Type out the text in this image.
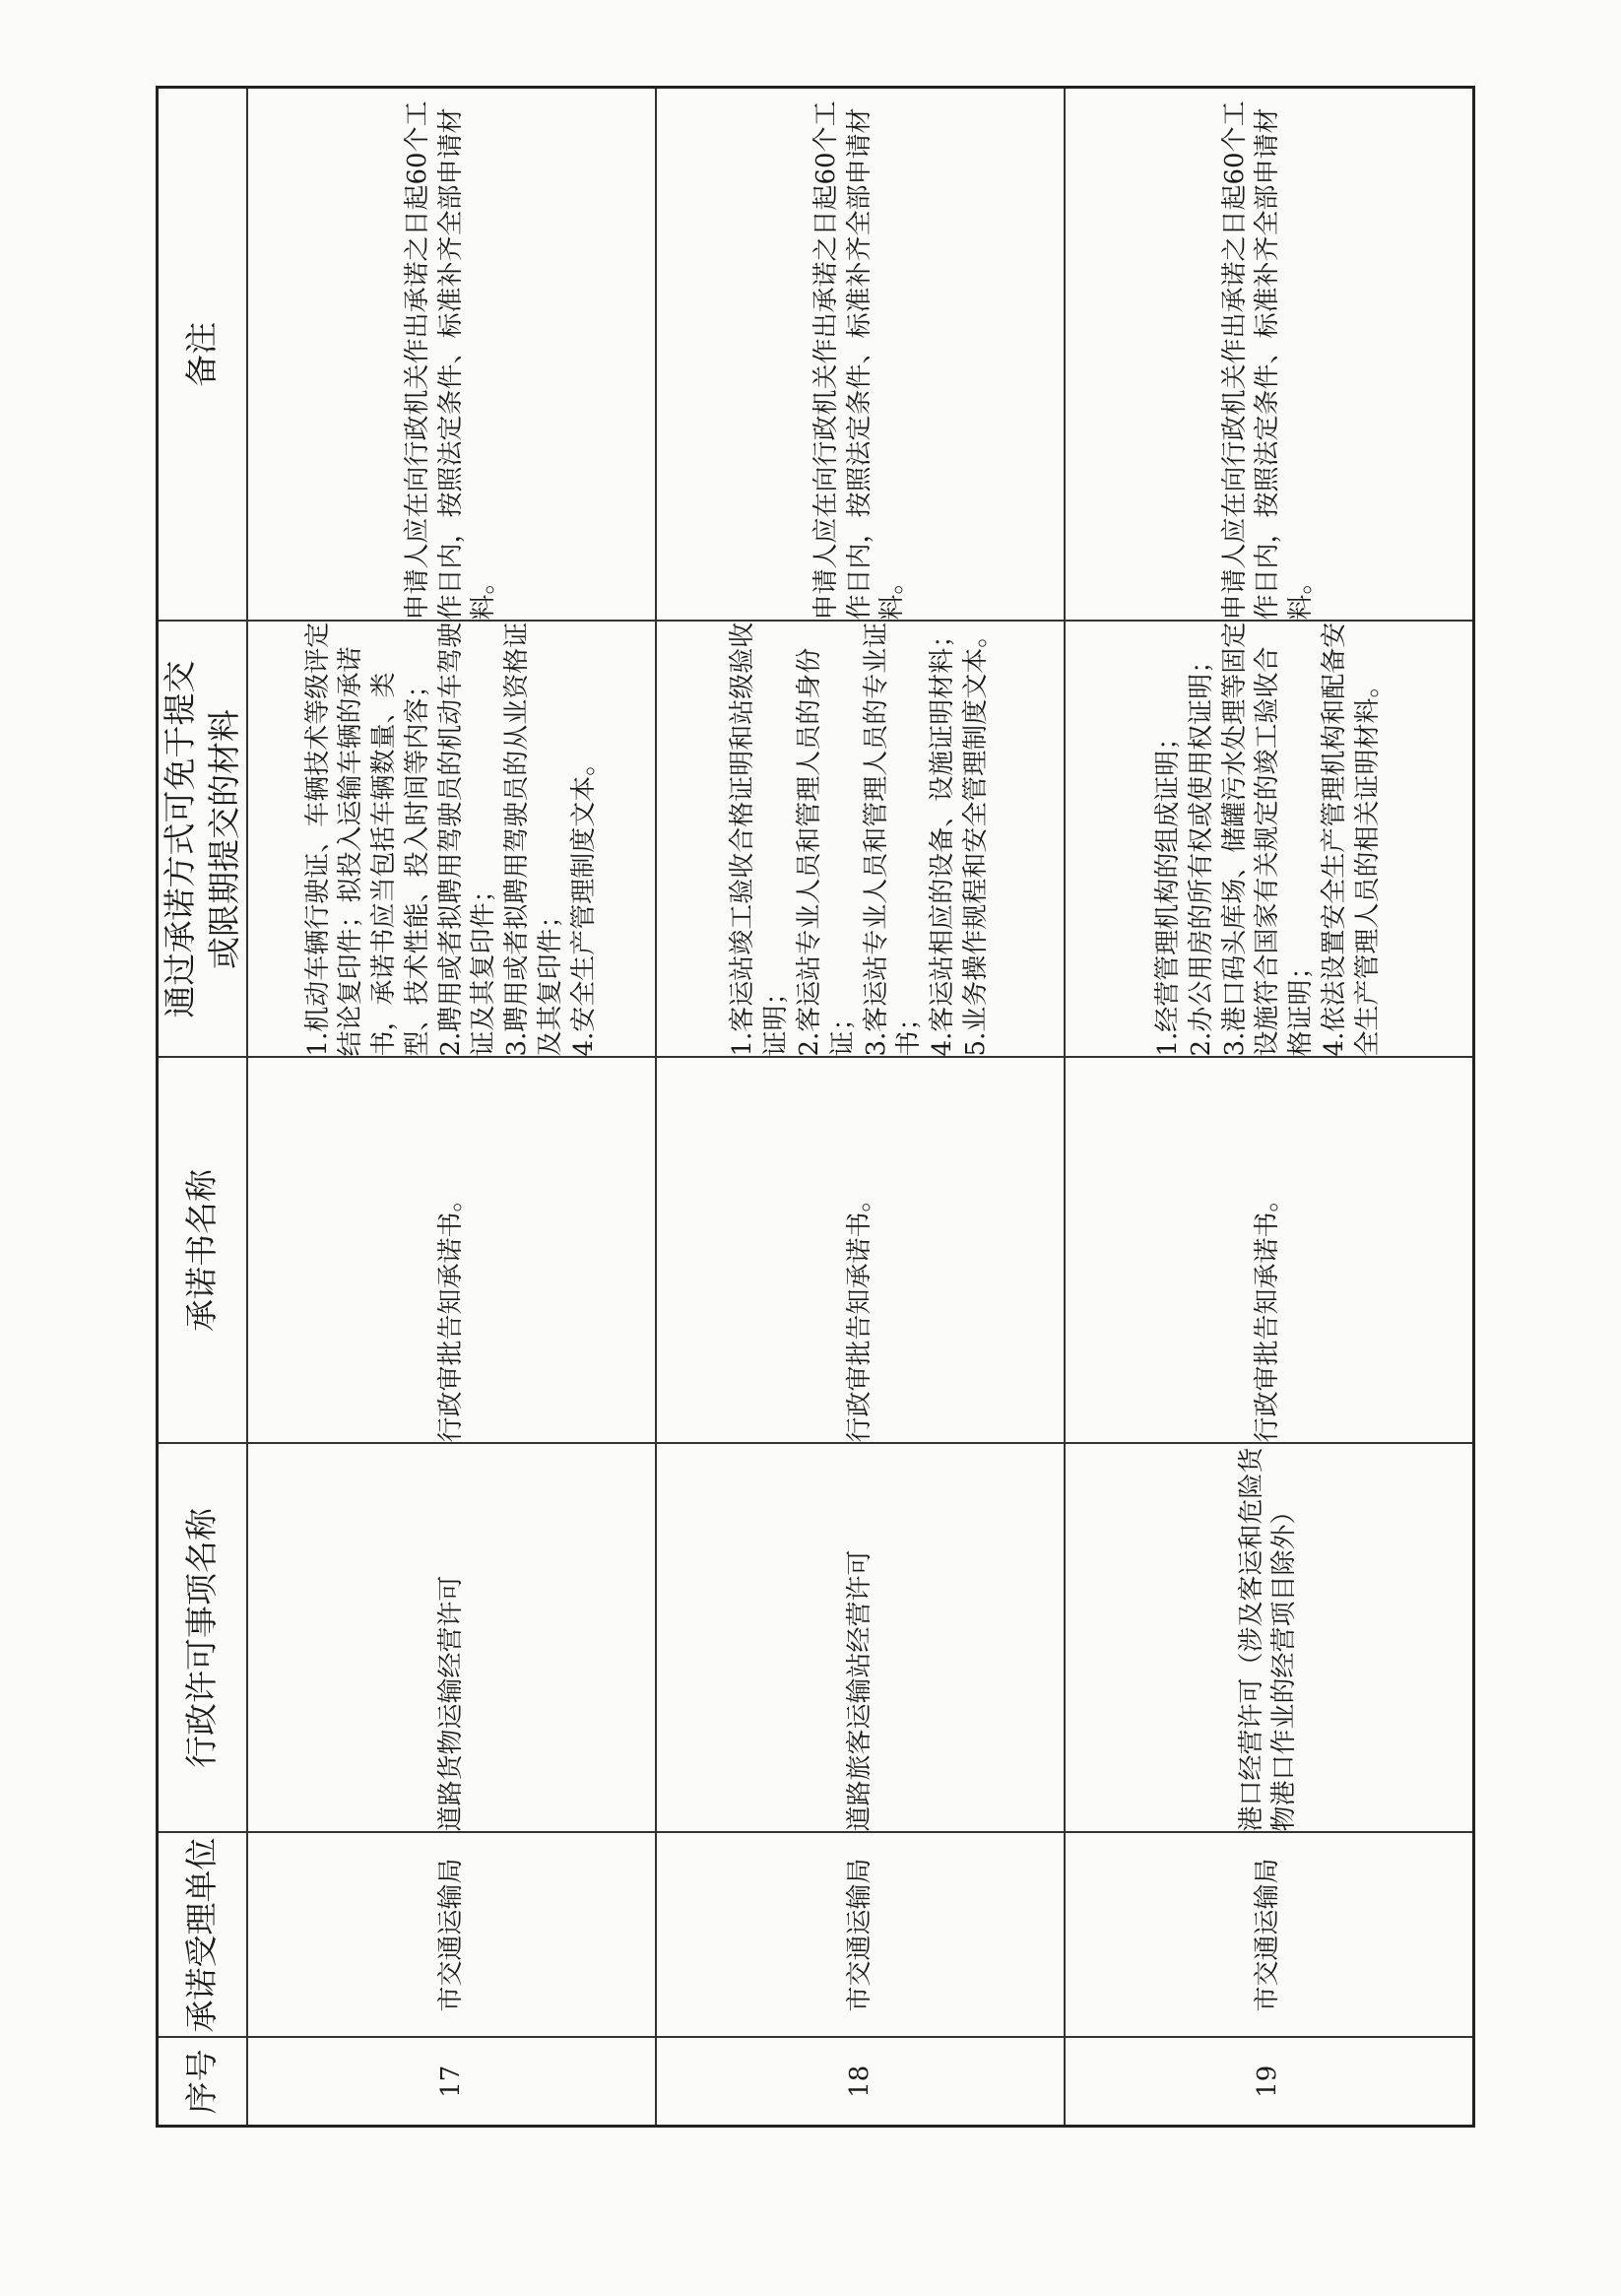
序号	承诺受理单位	行政许可事项名称	承诺书名称	通过承诺方式可免于提交 或限期提交的材料	备注
17	市交通运输局	道路货物运输经营许可	行政审批告知承诺书。	1.机动车辆行驶证、车辆技术等级评定结论复印件；拟投入运输车辆的承诺书，承诺书应当包括车辆数量、类型、技术性能、投入时间等内容； 2.聘用或者拟聘用驾驶员的机动车驾驶证及其复印件； 3.聘用或者拟聘用驾驶员的从业资格证及其复印件； 4.安全生产管理制度文本。	申请人应在向行政机关作出承诺之日起60个工作日内，按照法定条件、标准补齐全部申请材料。
18	市交通运输局	道路旅客运输站经营许可	行政审批告知承诺书。	1.客运站竣工验收合格证明和站级验收证明； 2.客运站专业人员和管理人员的身份证； 3.客运站专业人员和管理人员的专业证书； 4.客运站相应的设备、设施证明材料； 5.业务操作规程和安全管理制度文本。	申请人应在向行政机关作出承诺之日起60个工作日内，按照法定条件、标准补齐全部申请材料。
19	市交通运输局	港口经营许可（涉及客运和危险货物港口作业的经营项目除外）	行政审批告知承诺书。	1.经营管理机构的组成证明； 2.办公用房的所有权或使用权证明； 3.港口码头库场、储罐污水处理等固定设施符合国家有关规定的竣工验收合格证明； 4.依法设置安全生产管理机构和配备安全生产管理人员的相关证明材料。	申请人应在向行政机关作出承诺之日起60个工作日内，按照法定条件、标准补齐全部申请材料。
